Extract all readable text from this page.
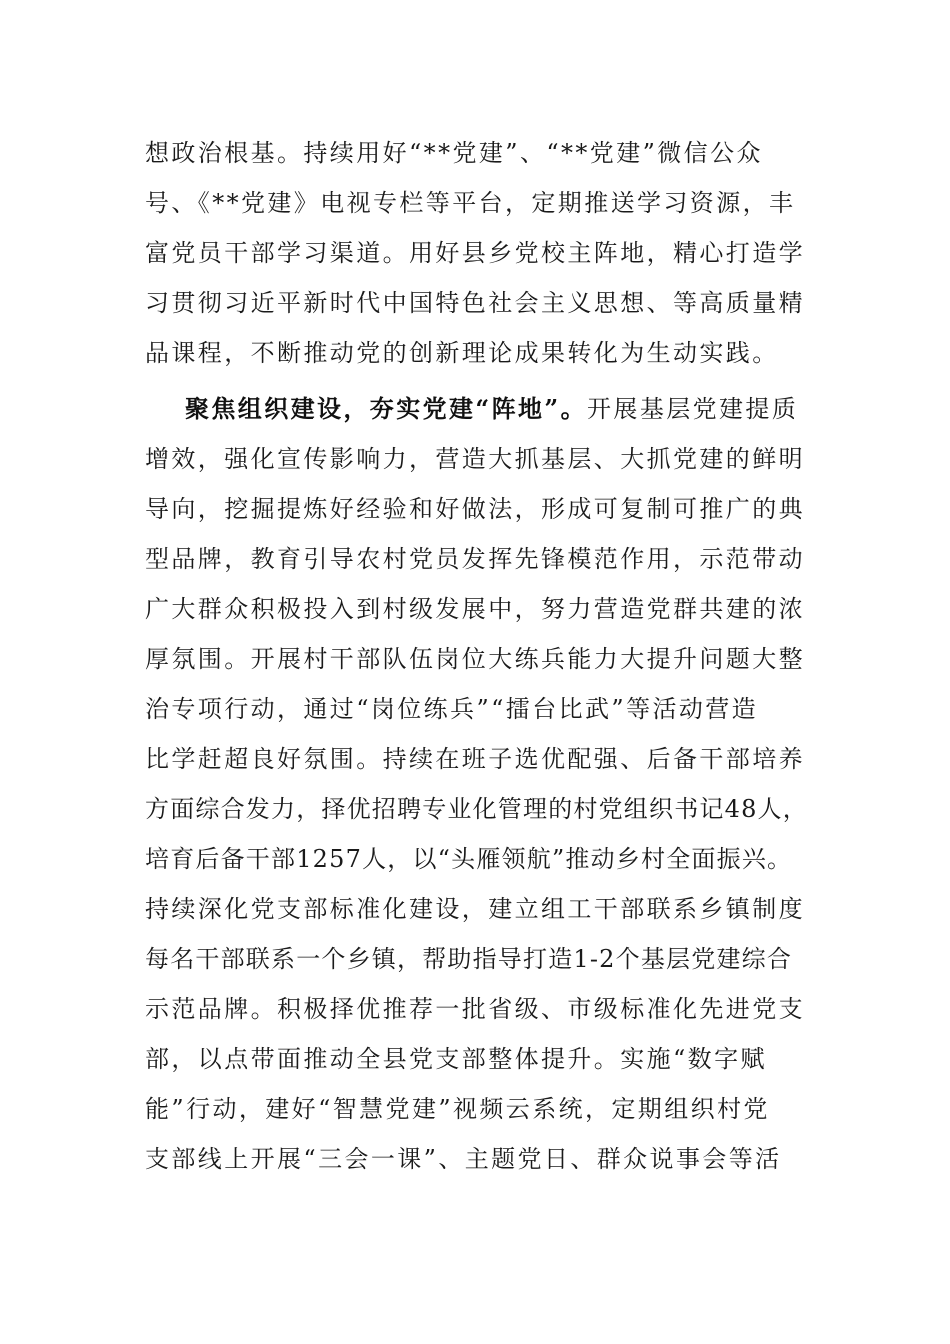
想政治根基。持续用好“**党建”、“**党建”微信公众
号、《**党建》电视专栏等平台，定期推送学习资源，丰
富党员干部学习渠道。用好县乡党校主阵地，精心打造学
习贯彻习近平新时代中国特色社会主义思想、等高质量精
品课程，不断推动党的创新理论成果转化为生动实践。
聚焦组织建设，夯实党建“阵地”。开展基层党建提质
增效，强化宣传影响力，营造大抓基层、大抓党建的鲜明
导向，挖掘提炼好经验和好做法，形成可复制可推广的典
型品牌，教育引导农村党员发挥先锋模范作用，示范带动
广大群众积极投入到村级发展中，努力营造党群共建的浓
厚氛围。开展村干部队伍岗位大练兵能力大提升问题大整
治专项行动，通过“岗位练兵”“擂台比武”等活动营造
比学赶超良好氛围。持续在班子选优配强、后备干部培养
方面综合发力，择优招聘专业化管理的村党组织书记48人，
培育后备干部1257人，以“头雁领航”推动乡村全面振兴。
持续深化党支部标准化建设，建立组工干部联系乡镇制度
每名干部联系一个乡镇，帮助指导打造1-2个基层党建综合
示范品牌。积极择优推荐一批省级、市级标准化先进党支
部，以点带面推动全县党支部整体提升。实施“数字赋
能”行动，建好“智慧党建”视频云系统，定期组织村党
支部线上开展“三会一课”、主题党日、群众说事会等活
